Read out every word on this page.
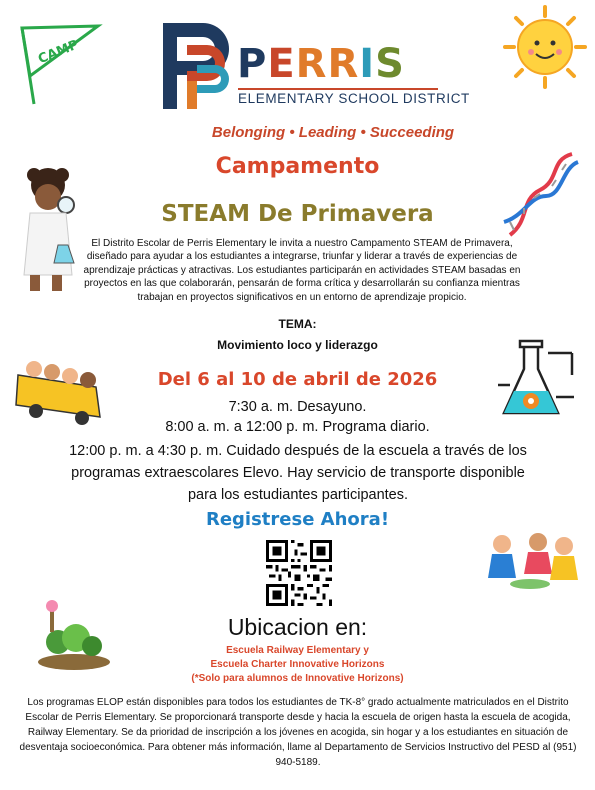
CAMP	PERRIS
ELEMENTARY SCHOOL DISTRICT
Belonging • Leading • Succeeding
Campamento
STEAM De Primavera
El Distrito Escolar de Perris Elementary le invita a nuestro Campamento STEAM de Primavera, diseñado para ayudar a los estudiantes a integrarse, triunfar y liderar a través de experiencias de aprendizaje prácticas y atractivas. Los estudiantes participarán en actividades STEAM basadas en proyectos en las que colaborarán, pensarán de forma crítica y desarrollarán su confianza mientras trabajan en proyectos significativos en un entorno de aprendizaje propicio.
TEMA:
Movimiento loco y liderazgo
Del 6 al 10 de abril de 2026
7:30 a. m. Desayuno.
8:00 a. m. a 12:00 p. m. Programa diario.
12:00 p. m. a 4:30 p. m. Cuidado después de la escuela a través de los programas extraescolares Elevo. Hay servicio de transporte disponible para los estudiantes participantes.
Registrese Ahora!
Ubicacion en:
Escuela Railway Elementary y
Escuela Charter Innovative Horizons
(*Solo para alumnos de Innovative Horizons)
Los programas ELOP están disponibles para todos los estudiantes de TK-8° grado actualmente matriculados en el Distrito Escolar de Perris Elementary. Se proporcionará transporte desde y hacia la escuela de origen hasta la escuela de acogida, Railway Elementary. Se da prioridad de inscripción a los jóvenes en acogida, sin hogar y a los estudiantes en situación de desventaja socioeconómica. Para obtener más información, llame al Departamento de Servicios Instructivo del PESD al (951) 940-5189.
